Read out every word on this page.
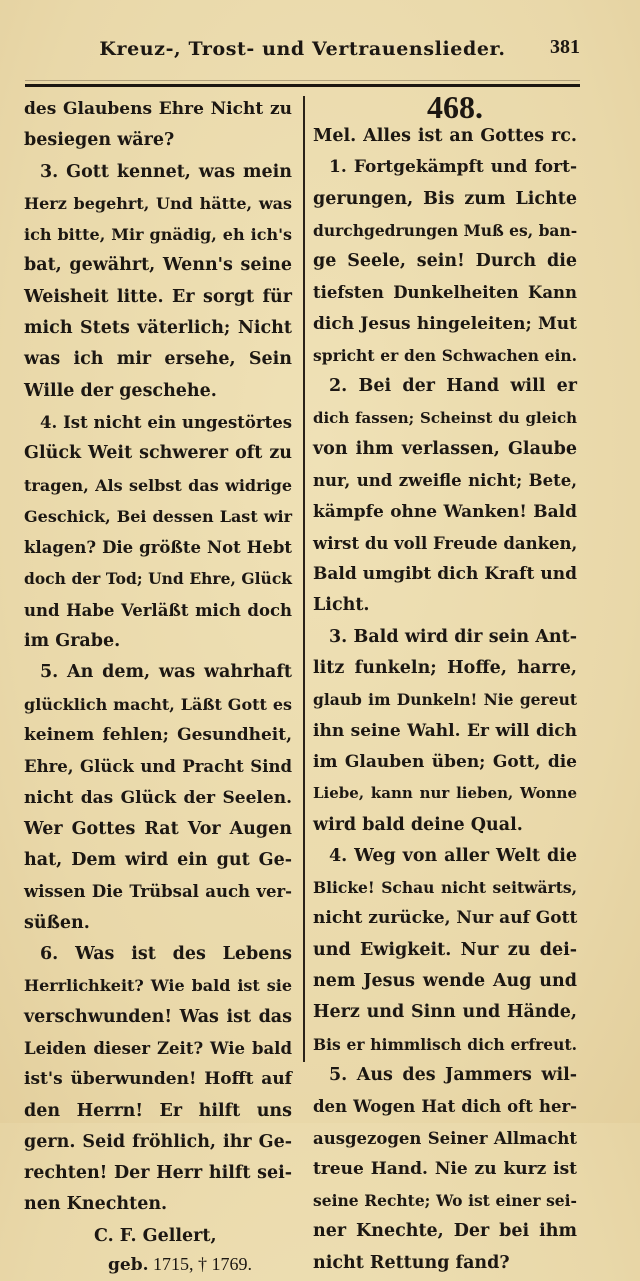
Kreuz-, Trost- und Vertrauenslieder.	381
des Glaubens Ehre Nicht zu
besiegen wäre?
3. Gott kennet, was mein
Herz begehrt, Und hätte, was
ich bitte, Mir gnädig, eh ich's
bat, gewährt, Wenn's seine
Weisheit litte. Er sorgt für
mich Stets väterlich; Nicht
was ich mir ersehe, Sein
Wille der geschehe.
4. Ist nicht ein ungestörtes
Glück Weit schwerer oft zu
tragen, Als selbst das widrige
Geschick, Bei dessen Last wir
klagen? Die größte Not Hebt
doch der Tod; Und Ehre, Glück
und Habe Verläßt mich doch
im Grabe.
5. An dem, was wahrhaft
glücklich macht, Läßt Gott es
keinem fehlen; Gesundheit,
Ehre, Glück und Pracht Sind
nicht das Glück der Seelen.
Wer Gottes Rat Vor Augen
hat, Dem wird ein gut Ge-
wissen Die Trübsal auch ver-
süßen.
6. Was ist des Lebens
Herrlichkeit? Wie bald ist sie
verschwunden! Was ist das
Leiden dieser Zeit? Wie bald
ist's überwunden! Hofft auf
den Herrn! Er hilft uns
gern. Seid fröhlich, ihr Ge-
rechten! Der Herr hilft sei-
nen Knechten.
C. F. Gellert,
geb. 1715, † 1769.
468.
Mel. Alles ist an Gottes rc.
1. Fortgekämpft und fort-
gerungen, Bis zum Lichte
durchgedrungen Muß es, ban-
ge Seele, sein! Durch die
tiefsten Dunkelheiten Kann
dich Jesus hingeleiten; Mut
spricht er den Schwachen ein.
2. Bei der Hand will er
dich fassen; Scheinst du gleich
von ihm verlassen, Glaube
nur, und zweifle nicht; Bete,
kämpfe ohne Wanken! Bald
wirst du voll Freude danken,
Bald umgibt dich Kraft und
Licht.
3. Bald wird dir sein Ant-
litz funkeln; Hoffe, harre,
glaub im Dunkeln! Nie gereut
ihn seine Wahl. Er will dich
im Glauben üben; Gott, die
Liebe, kann nur lieben, Wonne
wird bald deine Qual.
4. Weg von aller Welt die
Blicke! Schau nicht seitwärts,
nicht zurücke, Nur auf Gott
und Ewigkeit. Nur zu dei-
nem Jesus wende Aug und
Herz und Sinn und Hände,
Bis er himmlisch dich erfreut.
5. Aus des Jammers wil-
den Wogen Hat dich oft her-
ausgezogen Seiner Allmacht
treue Hand. Nie zu kurz ist
seine Rechte; Wo ist einer sei-
ner Knechte, Der bei ihm
nicht Rettung fand?
